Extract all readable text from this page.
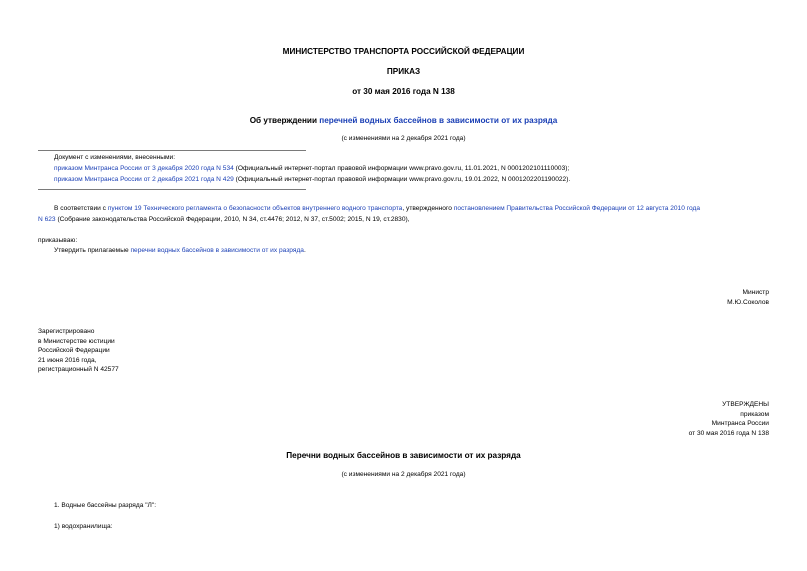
МИНИСТЕРСТВО ТРАНСПОРТА РОССИЙСКОЙ ФЕДЕРАЦИИ
ПРИКАЗ
от 30 мая 2016 года N 138
Об утверждении перечней водных бассейнов в зависимости от их разряда
(с изменениями на 2 декабря 2021 года)
Документ с изменениями, внесенными:
приказом Минтранса России от 3 декабря 2020 года N 534 (Официальный интернет-портал правовой информации www.pravo.gov.ru, 11.01.2021, N 0001202101110003);
приказом Минтранса России от 2 декабря 2021 года N 429 (Официальный интернет-портал правовой информации www.pravo.gov.ru, 19.01.2022, N 0001202201190022).
В соответствии с пунктом 19 Технического регламента о безопасности объектов внутреннего водного транспорта, утвержденного постановлением Правительства Российской Федерации от 12 августа 2010 года
N 623 (Собрание законодательства Российской Федерации, 2010, N 34, ст.4476; 2012, N 37, ст.5002; 2015, N 19, ст.2830),
приказываю:
Утвердить прилагаемые перечни водных бассейнов в зависимости от их разряда.
Министр
М.Ю.Соколов
Зарегистрировано
в Министерстве юстиции
Российской Федерации
21 июня 2016 года,
регистрационный N 42577
УТВЕРЖДЕНЫ
приказом
Минтранса России
от 30 мая 2016 года N 138
Перечни водных бассейнов в зависимости от их разряда
(с изменениями на 2 декабря 2021 года)
1. Водные бассейны разряда "Л":
1) водохранилища:
